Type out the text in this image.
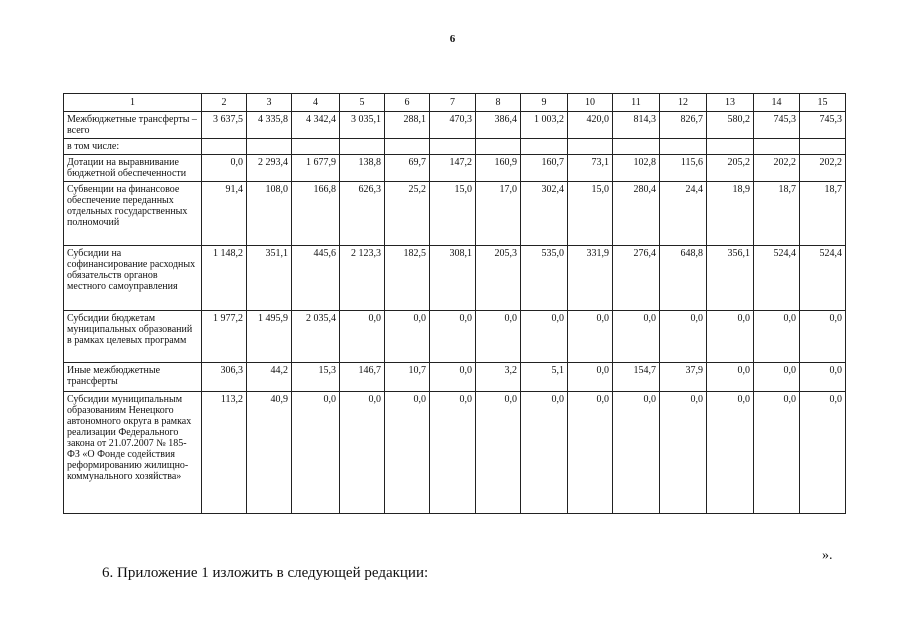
6
1	2	3	4	5	6	7	8	9	10	11	12	13	14	15
Межбюджетные трансферты – всего	3 637,5	4 335,8	4 342,4	3 035,1	288,1	470,3	386,4	1 003,2	420,0	814,3	826,7	580,2	745,3	745,3
в том числе:														
Дотации на выравнивание бюджетной обеспеченности	0,0	2 293,4	1 677,9	138,8	69,7	147,2	160,9	160,7	73,1	102,8	115,6	205,2	202,2	202,2
Субвенции на финансовое обеспечение переданных отдельных государственных полномочий	91,4	108,0	166,8	626,3	25,2	15,0	17,0	302,4	15,0	280,4	24,4	18,9	18,7	18,7
Субсидии на софинансирование расходных обязательств органов местного самоуправления	1 148,2	351,1	445,6	2 123,3	182,5	308,1	205,3	535,0	331,9	276,4	648,8	356,1	524,4	524,4
Субсидии бюджетам муниципальных образований в рамках целевых программ	1 977,2	1 495,9	2 035,4	0,0	0,0	0,0	0,0	0,0	0,0	0,0	0,0	0,0	0,0	0,0
Иные межбюджетные трансферты	306,3	44,2	15,3	146,7	10,7	0,0	3,2	5,1	0,0	154,7	37,9	0,0	0,0	0,0
Субсидии муниципальным образованиям Ненецкого автономного округа в рамках реализации Федерального закона от 21.07.2007 № 185-ФЗ «О Фонде содействия реформированию жилищно-коммунального хозяйства»	113,2	40,9	0,0	0,0	0,0	0,0	0,0	0,0	0,0	0,0	0,0	0,0	0,0	0,0
».
6. Приложение 1 изложить в следующей редакции:
